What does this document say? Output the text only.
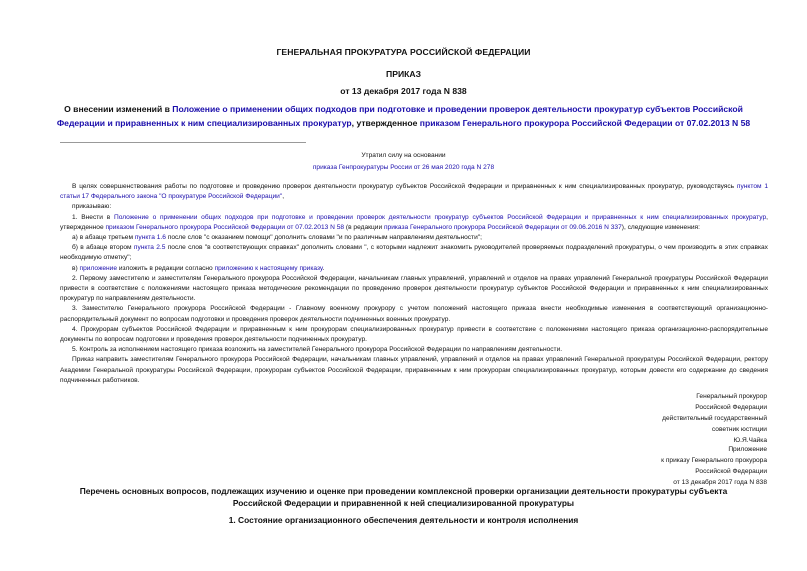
ГЕНЕРАЛЬНАЯ ПРОКУРАТУРА РОССИЙСКОЙ ФЕДЕРАЦИИ
ПРИКАЗ
от 13 декабря 2017 года N 838
О внесении изменений в Положение о применении общих подходов при подготовке и проведении проверок деятельности прокуратур субъектов Российской Федерации и приравненных к ним специализированных прокуратур, утвержденное приказом Генерального прокурора Российской Федерации от 07.02.2013 N 58
Утратил силу на основании
приказа Генпрокуратуры России от 26 мая 2020 года N 278

В целях совершенствования работы по подготовке и проведению проверок деятельности прокуратур субъектов Российской Федерации и приравненных к ним специализированных прокуратур, руководствуясь пунктом 1 статьи 17 Федерального закона "О прокуратуре Российской Федерации",

приказываю:

1. Внести в Положение о применении общих подходов при подготовке и проведении проверок деятельности прокуратур субъектов Российской Федерации и приравненных к ним специализированных прокуратур, утвержденное приказом Генерального прокурора Российской Федерации от 07.02.2013 N 58 (в редакции приказа Генерального прокурора Российской Федерации от 09.06.2016 N 337), следующие изменения:

а) в абзаце третьем пункта 1.6 после слов "с оказанием помощи" дополнить словами "и по различным направлениям деятельности";

б) в абзаце втором пункта 2.5 после слов "в соответствующих справках" дополнить словами ", с которыми надлежит знакомить руководителей проверяемых подразделений прокуратуры, о чем производить в этих справках необходимую отметку";

в) приложение изложить в редакции согласно приложению к настоящему приказу.

2. Первому заместителю и заместителям Генерального прокурора Российской Федерации, начальникам главных управлений, управлений и отделов на правах управлений Генеральной прокуратуры Российской Федерации привести в соответствие с положениями настоящего приказа методические рекомендации по проведению проверок деятельности прокуратур субъектов Российской Федерации и приравненных к ним специализированных прокуратур по направлениям деятельности.

3. Заместителю Генерального прокурора Российской Федерации - Главному военному прокурору с учетом положений настоящего приказа внести необходимые изменения в соответствующий организационно-распорядительный документ по вопросам подготовки и проведения проверок деятельности подчиненных военных прокуратур.

4. Прокурорам субъектов Российской Федерации и приравненным к ним прокурорам специализированных прокуратур привести в соответствие с положениями настоящего приказа организационно-распорядительные документы по вопросам подготовки и проведения проверок деятельности подчиненных прокуратур.

5. Контроль за исполнением настоящего приказа возложить на заместителей Генерального прокурора Российской Федерации по направлениям деятельности.

Приказ направить заместителям Генерального прокурора Российской Федерации, начальникам главных управлений, управлений и отделов на правах управлений Генеральной прокуратуры Российской Федерации, ректору Академии Генеральной прокуратуры Российской Федерации, прокурорам субъектов Российской Федерации, приравненным к ним прокурорам специализированных прокуратур, которым довести его содержание до сведения подчиненных работников.

Генеральный прокурор
Российской Федерации
действительный государственный
советник юстиции
Ю.Я.Чайка
Приложение
к приказу Генерального прокурора
Российской Федерации
от 13 декабря 2017 года N 838
Перечень основных вопросов, подлежащих изучению и оценке при проведении комплексной проверки организации деятельности прокуратуры субъекта Российской Федерации и приравненной к ней специализированной прокуратуры
1. Состояние организационного обеспечения деятельности и контроля исполнения
